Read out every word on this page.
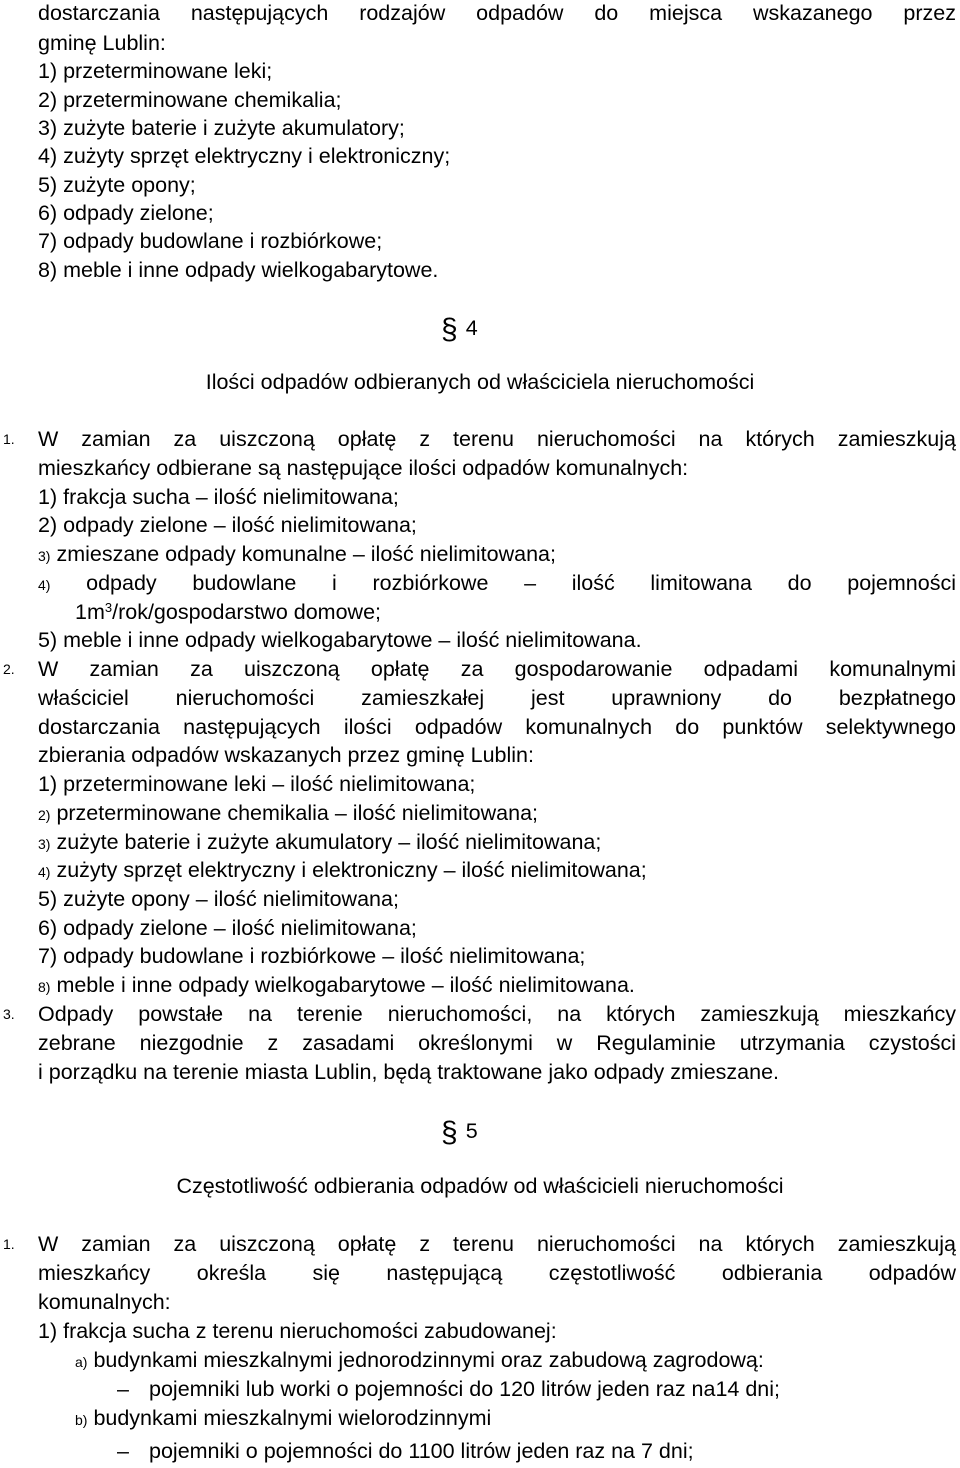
dostarczania następujących rodzajów odpadów do miejsca wskazanego przez
gminę Lublin:
1) przeterminowane leki;
2) przeterminowane chemikalia;
3) zużyte baterie i zużyte akumulatory;
4) zużyty sprzęt elektryczny i elektroniczny;
5) zużyte opony;
6) odpady zielone;
7) odpady budowlane i rozbiórkowe;
8) meble i inne odpady wielkogabarytowe.
§ 4
Ilości odpadów odbieranych od właściciela nieruchomości
1. W zamian za uiszczoną opłatę z terenu nieruchomości na których zamieszkują
mieszkańcy odbierane są następujące ilości odpadów komunalnych:
1) frakcja sucha – ilość nielimitowana;
2) odpady zielone – ilość nielimitowana;
3) zmieszane odpady komunalne – ilość nielimitowana;
4) odpady budowlane i rozbiórkowe – ilość limitowana do pojemności
$1m^3/rok$/gospodarstwo domowe;
5) meble i inne odpady wielkogabarytowe – ilość nielimitowana.
2. W zamian za uiszczoną opłatę za gospodarowanie odpadami komunalnymi
właściciel nieruchomości zamieszkałej jest uprawniony do bezpłatnego
dostarczania następujących ilości odpadów komunalnych do punktów selektywnego
zbierania odpadów wskazanych przez gminę Lublin:
1) przeterminowane leki – ilość nielimitowana;
2) przeterminowane chemikalia – ilość nielimitowana;
3) zużyte baterie i zużyte akumulatory – ilość nielimitowana;
4) zużyty sprzęt elektryczny i elektroniczny – ilość nielimitowana;
5) zużyte opony – ilość nielimitowana;
6) odpady zielone – ilość nielimitowana;
7) odpady budowlane i rozbiórkowe – ilość nielimitowana;
8) meble i inne odpady wielkogabarytowe – ilość nielimitowana.
3. Odpady powstałe na terenie nieruchomości, na których zamieszkują mieszkańcy
zebrane niezgodnie z zasadami określonymi w Regulaminie utrzymania czystości
i porządku na terenie miasta Lublin, będą traktowane jako odpady zmieszane.
§ 5
Częstotliwość odbierania odpadów od właścicieli nieruchomości
1. W zamian za uiszczoną opłatę z terenu nieruchomości na których zamieszkują
mieszkańcy określa się następującą częstotliwość odbierania odpadów
komunalnych:
1) frakcja sucha z terenu nieruchomości zabudowanej:
a) budynkami mieszkalnymi jednorodzinnymi oraz zabudową zagrodową:
– pojemniki lub worki o pojemności do 120 litrów jeden raz na14 dni;
b) budynkami mieszkalnymi wielorodzinnymi
– pojemniki o pojemności do 1100 litrów jeden raz na 7 dni;
